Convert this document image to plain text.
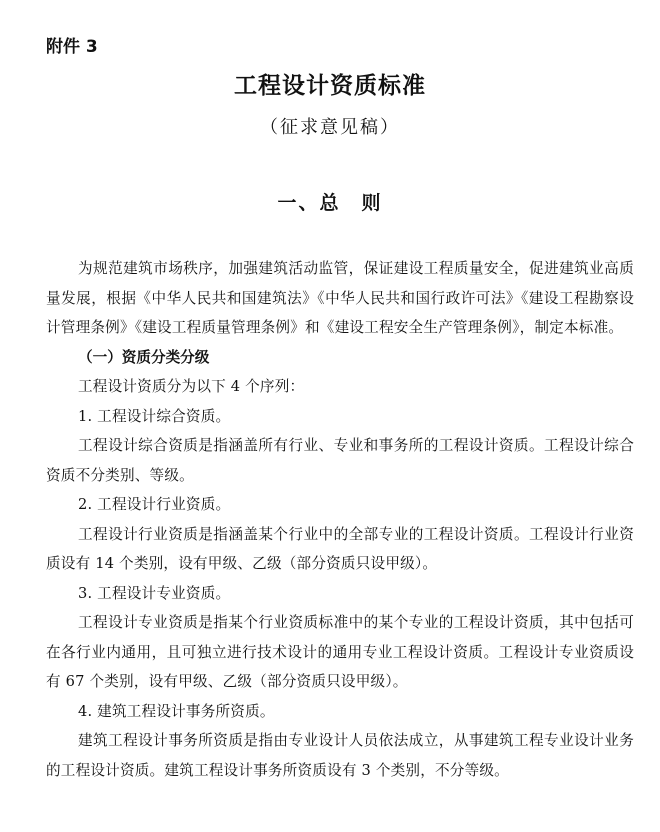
附件 3
工程设计资质标准
（征求意见稿）
一、总　则

为规范建筑市场秩序，加强建筑活动监管，保证建设工程质量安全，促进建筑业高质量发展，根据《中华人民共和国建筑法》《中华人民共和国行政许可法》《建设工程勘察设计管理条例》《建设工程质量管理条例》和《建设工程安全生产管理条例》，制定本标准。

（一）资质分类分级

工程设计资质分为以下 4 个序列：

1. 工程设计综合资质。

工程设计综合资质是指涵盖所有行业、专业和事务所的工程设计资质。工程设计综合资质不分类别、等级。

2. 工程设计行业资质。

工程设计行业资质是指涵盖某个行业中的全部专业的工程设计资质。工程设计行业资质设有 14 个类别，设有甲级、乙级（部分资质只设甲级）。

3. 工程设计专业资质。

工程设计专业资质是指某个行业资质标准中的某个专业的工程设计资质，其中包括可在各行业内通用，且可独立进行技术设计的通用专业工程设计资质。工程设计专业资质设有 67 个类别，设有甲级、乙级（部分资质只设甲级）。

4. 建筑工程设计事务所资质。

建筑工程设计事务所资质是指由专业设计人员依法成立，从事建筑工程专业设计业务的工程设计资质。建筑工程设计事务所资质设有 3 个类别，不分等级。
